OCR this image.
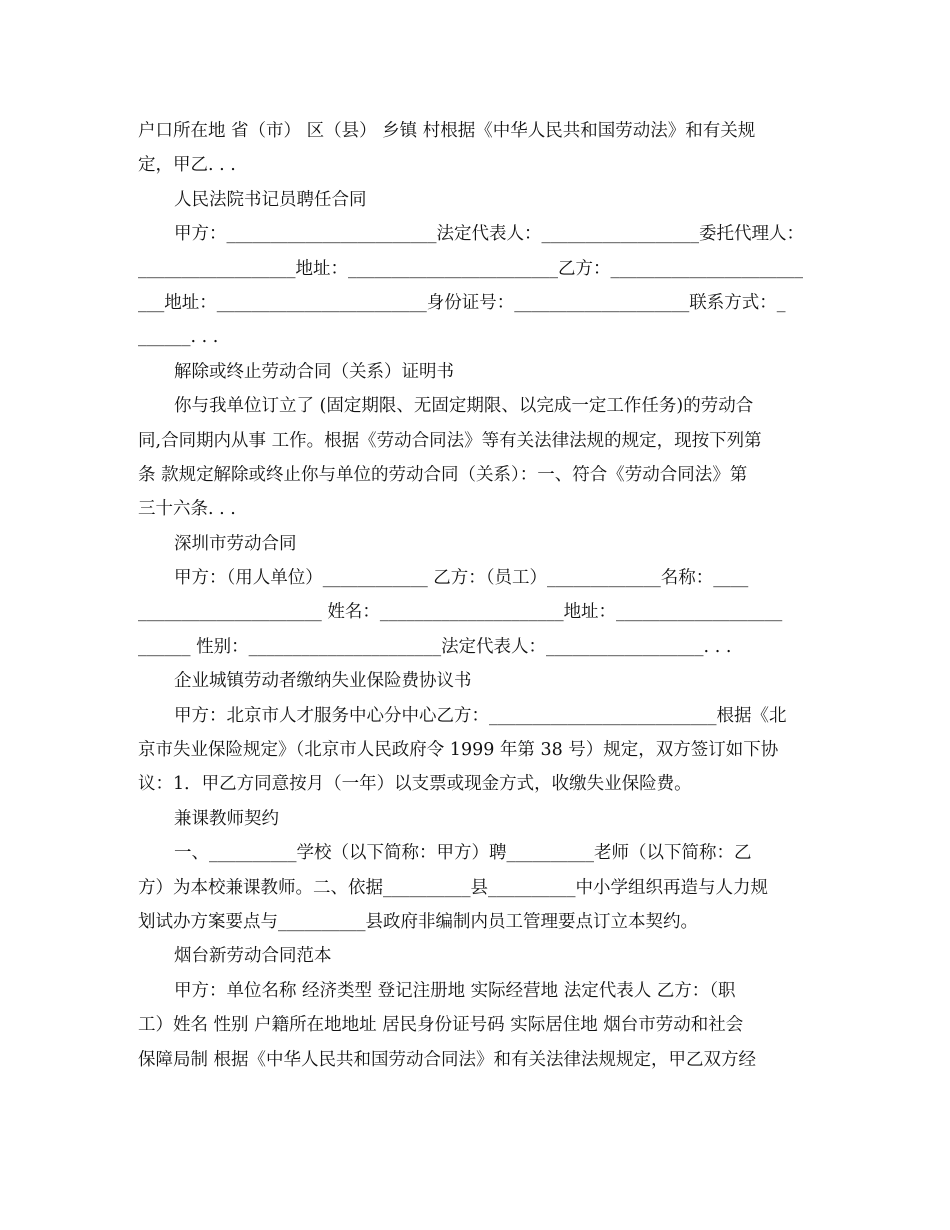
户口所在地 省（市） 区（县） 乡镇 村根据《中华人民共和国劳动法》和有关规
定，甲乙. . .
人民法院书记员聘任合同
甲方：________________________法定代表人：__________________委托代理人：
__________________地址：________________________乙方：______________________
___地址：________________________身份证号：____________________联系方式：_
______. . .
解除或终止劳动合同（关系）证明书
你与我单位订立了 (固定期限、无固定期限、以完成一定工作任务)的劳动合
同,合同期内从事 工作。根据《劳动合同法》等有关法律法规的规定，现按下列第
条 款规定解除或终止你与单位的劳动合同（关系）：一、符合《劳动合同法》第
三十六条. . .
深圳市劳动合同
甲方：（用人单位）____________ 乙方：（员工）_____________名称：____
_____________________ 姓名：_____________________地址：___________________
______ 性别：______________________法定代表人：__________________. . .
企业城镇劳动者缴纳失业保险费协议书
甲方：北京市人才服务中心分中心乙方：__________________________根据《北
京市失业保险规定》（北京市人民政府令 1999 年第 38 号）规定，双方签订如下协
议：1．甲乙方同意按月（一年）以支票或现金方式，收缴失业保险费。
兼课教师契约
一、__________学校（以下简称：甲方）聘__________老师（以下简称：乙
方）为本校兼课教师。二、依据__________县__________中小学组织再造与人力规
划试办方案要点与__________县政府非编制内员工管理要点订立本契约。
烟台新劳动合同范本
甲方：单位名称 经济类型 登记注册地 实际经营地 法定代表人 乙方：（职
工）姓名 性别 户籍所在地地址 居民身份证号码 实际居住地 烟台市劳动和社会
保障局制 根据《中华人民共和国劳动合同法》和有关法律法规规定，甲乙双方经
